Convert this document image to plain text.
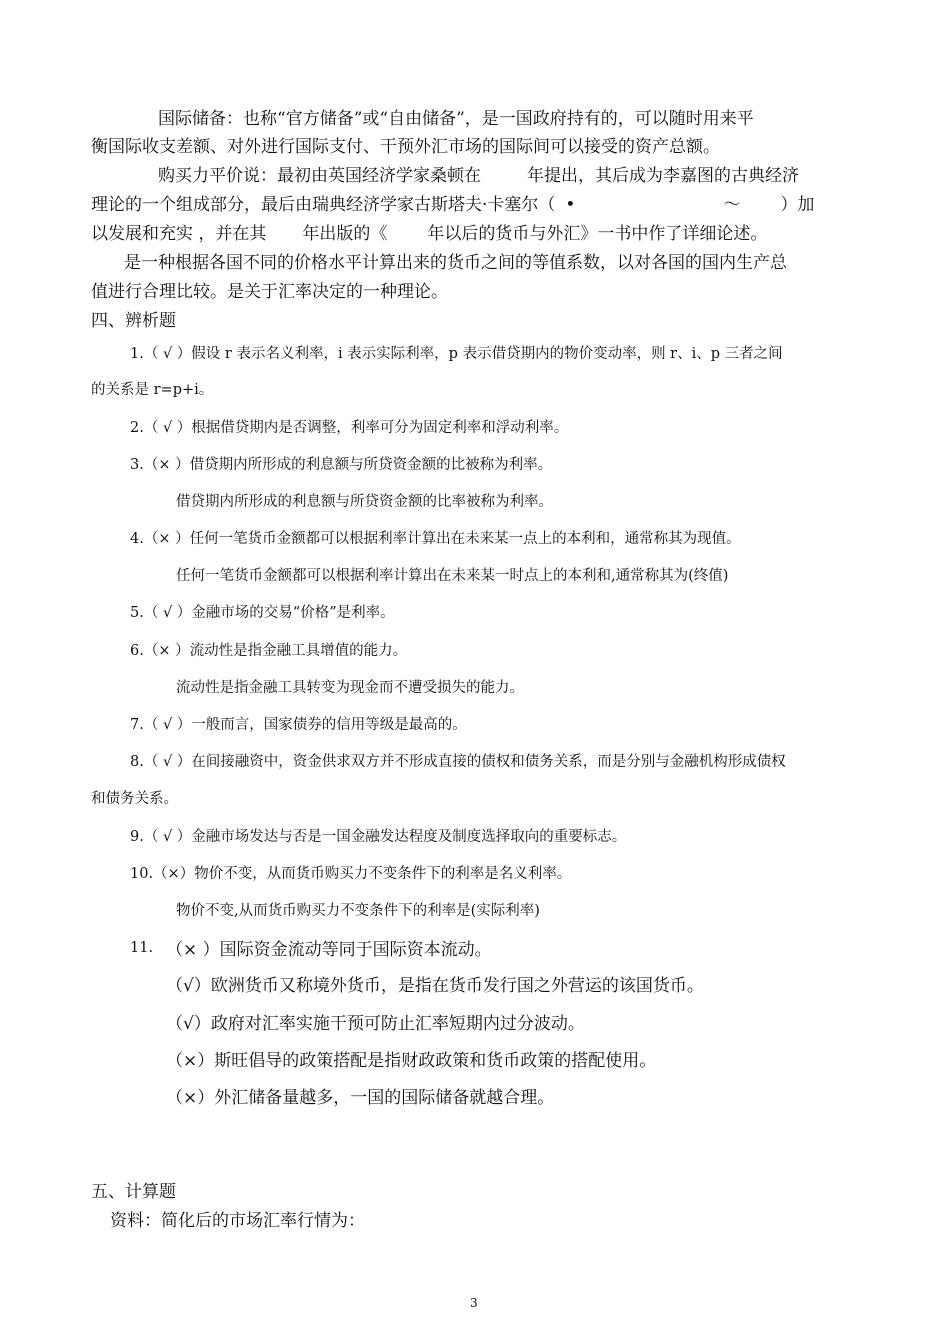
国际储备：也称“官方储备”或“自由储备”，是一国政府持有的，可以随时用来平
衡国际收支差额、对外进行国际支付、干预外汇市场的国际间可以接受的资产总额。
购买力平价说：最初由英国经济学家桑顿在	年提出，其后成为李嘉图的古典经济
理论的一个组成部分，最后由瑞典经济学家古斯塔夫·卡塞尔（ •	～ ）加
以发展和充实 ，并在其 年出版的《 年以后的货币与外汇》一书中作了详细论述。
是一种根据各国不同的价格水平计算出来的货币之间的等值系数，以对各国的国内生产总
值进行合理比较。是关于汇率决定的一种理论。
四、辨析题
1.（ √ ）假设 r 表示名义利率，i 表示实际利率，p 表示借贷期内的物价变动率，则 r、i、p 三者之间
的关系是 r=p+i。
2.（ √ ）根据借贷期内是否调整，利率可分为固定利率和浮动利率。
3.（× ）借贷期内所形成的利息额与所贷资金额的比被称为利率。
借贷期内所形成的利息额与所贷资金额的比率被称为利率。
4.（× ）任何一笔货币金额都可以根据利率计算出在未来某一点上的本利和，通常称其为现值。
任何一笔货币金额都可以根据利率计算出在未来某一时点上的本利和,通常称其为(终值)
5.（ √ ）金融市场的交易“价格”是利率。
6.（× ）流动性是指金融工具增值的能力。
流动性是指金融工具转变为现金而不遭受损失的能力。
7.（ √ ）一般而言，国家债券的信用等级是最高的。
8.（ √ ）在间接融资中，资金供求双方并不形成直接的债权和债务关系，而是分别与金融机构形成债权
和债务关系。
9.（ √ ）金融市场发达与否是一国金融发达程度及制度选择取向的重要标志。
10.（×）物价不变，从而货币购买力不变条件下的利率是名义利率。
物价不变,从而货币购买力不变条件下的利率是(实际利率)
11. （× ）国际资金流动等同于国际资本流动。
（√）欧洲货币又称境外货币，是指在货币发行国之外营运的该国货币。
（√）政府对汇率实施干预可防止汇率短期内过分波动。
（×）斯旺倡导的政策搭配是指财政政策和货币政策的搭配使用。
（×）外汇储备量越多，一国的国际储备就越合理。
五、计算题
资料：简化后的市场汇率行情为：
3
